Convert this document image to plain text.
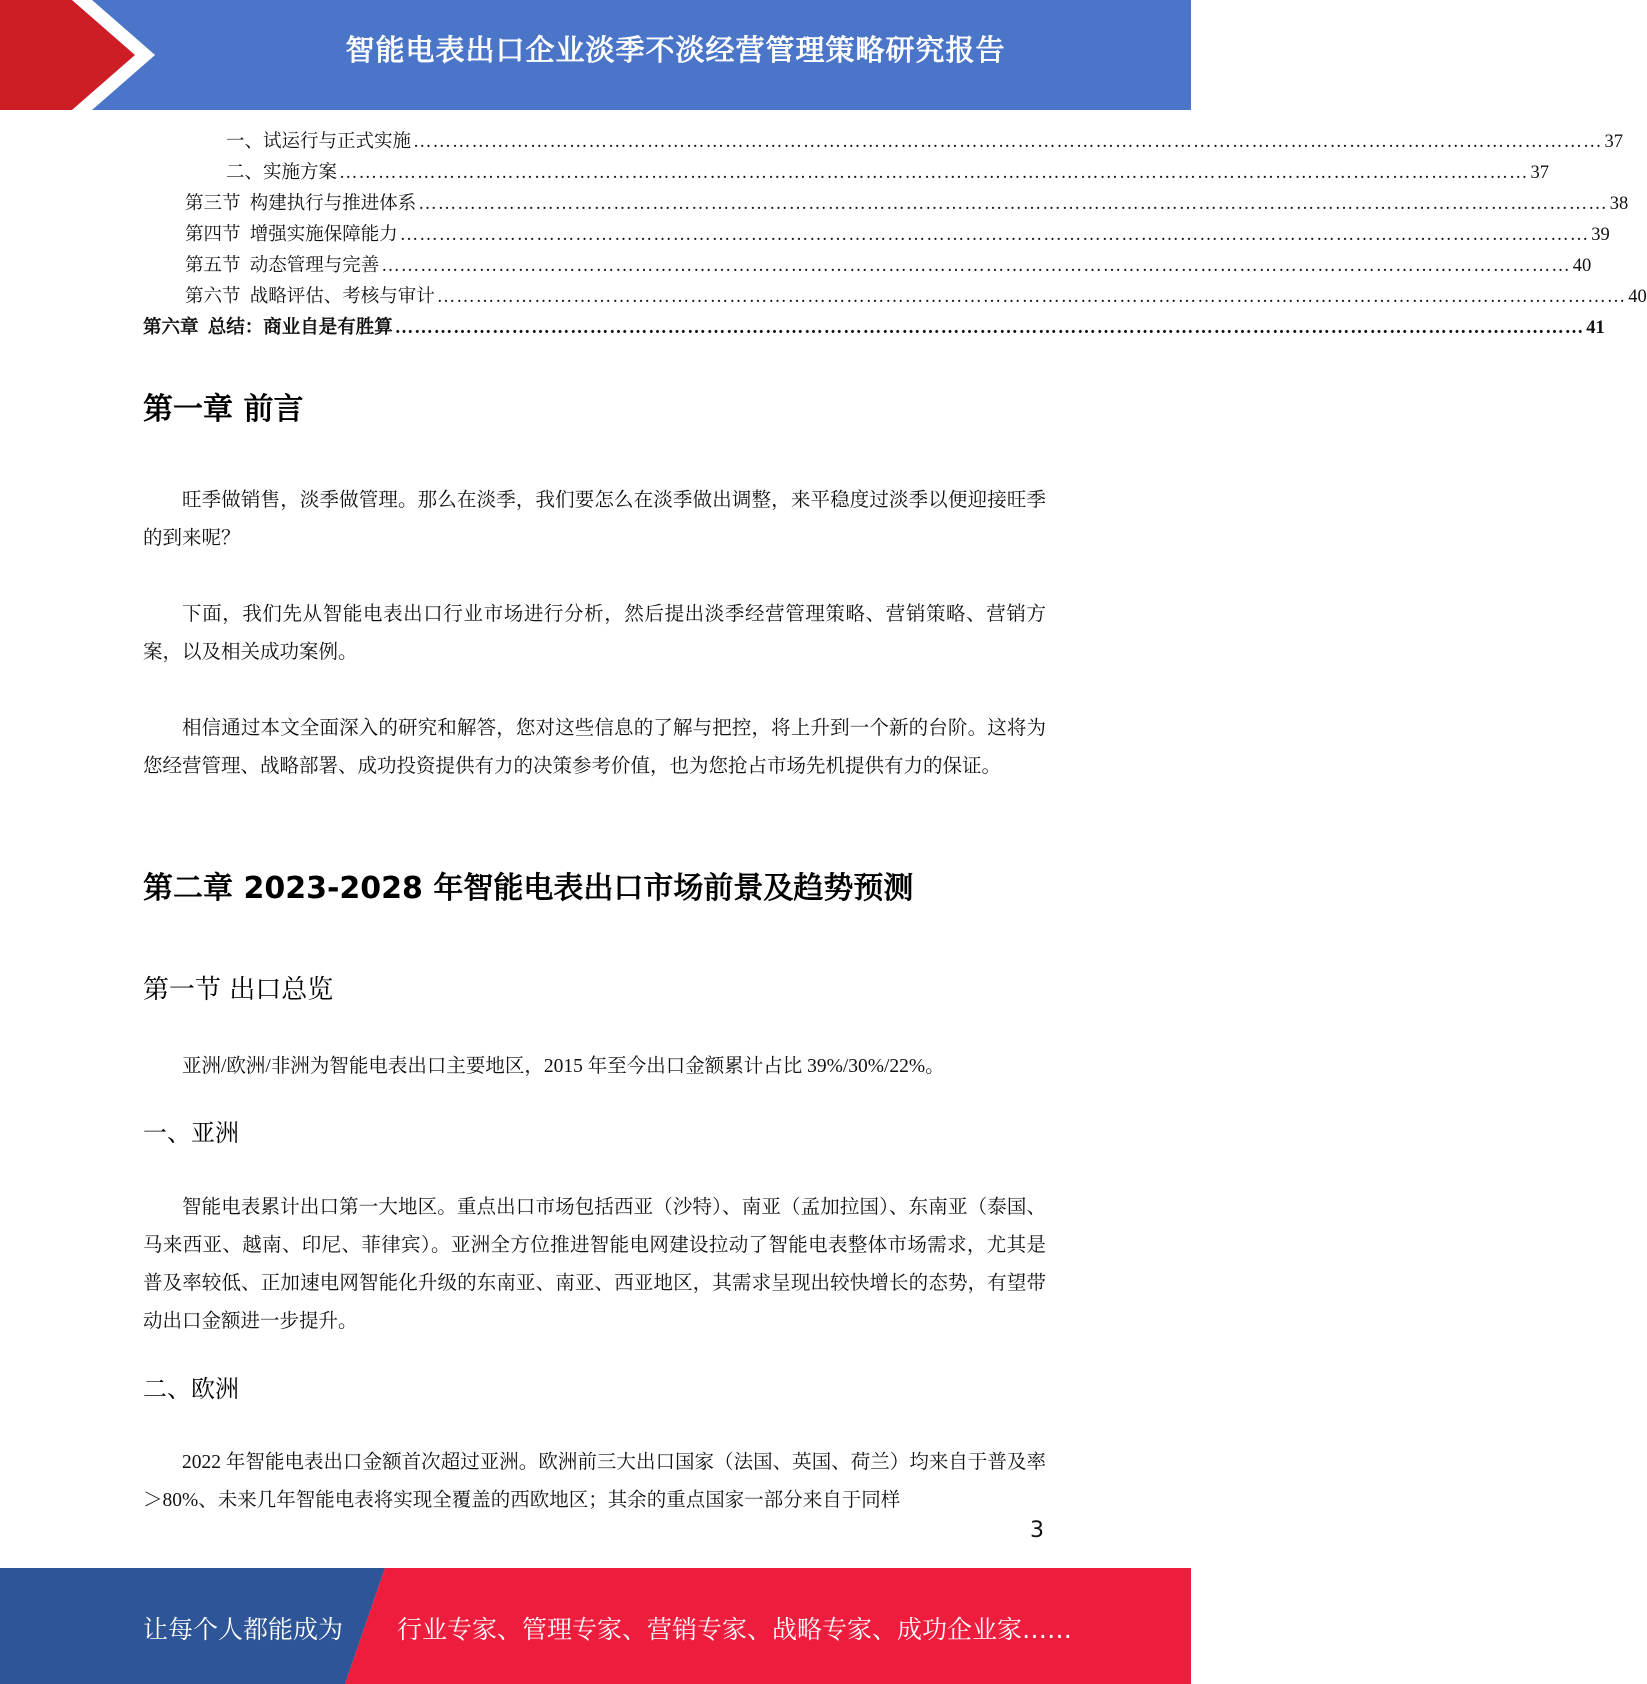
智能电表出口企业淡季不淡经营管理策略研究报告
一、试运行与正式实施 ………………………………………………………………………………………………………………………………………………………………… 37
二、实施方案 ………………………………………………………………………………………………………………………………………………………………… 37
第三节  构建执行与推进体系 ………………………………………………………………………………………………………………………………………………………………… 38
第四节  增强实施保障能力 ………………………………………………………………………………………………………………………………………………………………… 39
第五节  动态管理与完善 ………………………………………………………………………………………………………………………………………………………………… 40
第六节  战略评估、考核与审计 ………………………………………………………………………………………………………………………………………………………………… 40
第六章  总结：商业自是有胜算 ………………………………………………………………………………………………………………………………………………………………… 41
第一章 前言

旺季做销售，淡季做管理。那么在淡季，我们要怎么在淡季做出调整，来平稳度过淡季以便迎接旺季的到来呢？

下面，我们先从智能电表出口行业市场进行分析，然后提出淡季经营管理策略、营销策略、营销方案，以及相关成功案例。

相信通过本文全面深入的研究和解答，您对这些信息的了解与把控，将上升到一个新的台阶。这将为您经营管理、战略部署、成功投资提供有力的决策参考价值，也为您抢占市场先机提供有力的保证。

第二章 2023-2028 年智能电表出口市场前景及趋势预测
第一节 出口总览

亚洲/欧洲/非洲为智能电表出口主要地区，2015 年至今出口金额累计占比 39%/30%/22%。

一、亚洲

智能电表累计出口第一大地区。重点出口市场包括西亚（沙特）、南亚（孟加拉国）、东南亚（泰国、马来西亚、越南、印尼、菲律宾）。亚洲全方位推进智能电网建设拉动了智能电表整体市场需求，尤其是普及率较低、正加速电网智能化升级的东南亚、南亚、西亚地区，其需求呈现出较快增长的态势，有望带动出口金额进一步提升。

二、欧洲

2022 年智能电表出口金额首次超过亚洲。欧洲前三大出口国家（法国、英国、荷兰）均来自于普及率＞80%、未来几年智能电表将实现全覆盖的西欧地区；其余的重点国家一部分来自于同样

3
让每个人都能成为 行业专家、管理专家、营销专家、战略专家、成功企业家……
